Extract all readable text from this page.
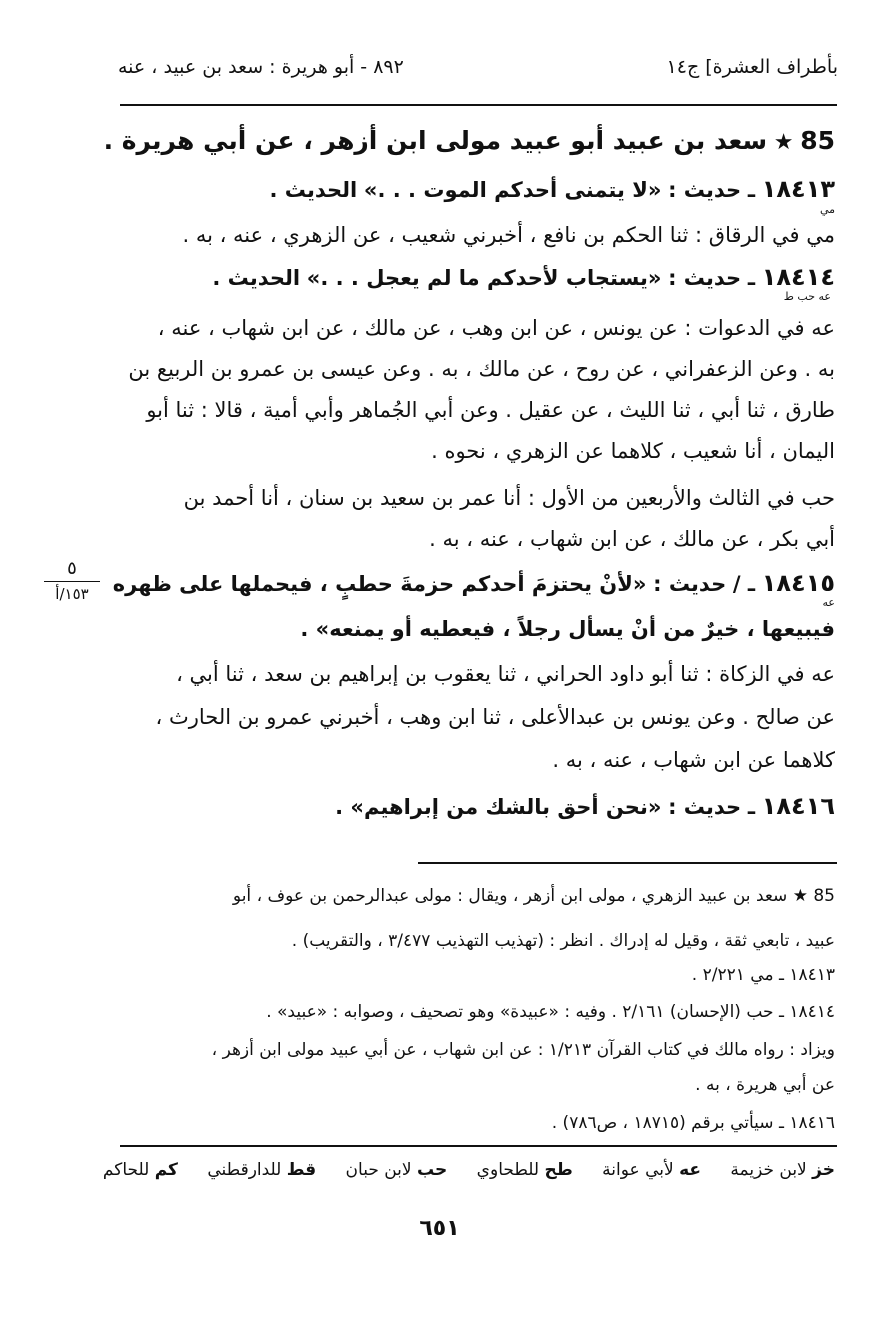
بأطراف العشرة] ج١٤
٨٩٢ - أبو هريرة : سعد بن عبيد ، عنه
85 ★ سعد بن عبيد أبو عبيد مولى ابن أزهر ، عن أبي هريرة .
١٨٤١٣ ـ حديث : «لا يتمنى أحدكم الموت . . .» الحديث .
مي
مي في الرقاق : ثنا الحكم بن نافع ، أخبرني شعيب ، عن الزهري ، عنه ، به .
١٨٤١٤ ـ حديث : «يستجاب لأحدكم ما لم يعجل . . .» الحديث .
عه حب ط
عه في الدعوات : عن يونس ، عن ابن وهب ، عن مالك ، عن ابن شهاب ، عنه ،
به . وعن الزعفراني ، عن روح ، عن مالك ، به . وعن عيسى بن عمرو بن الربيع بن
طارق ، ثنا أبي ، ثنا الليث ، عن عقيل . وعن أبي الجُماهر وأبي أمية ، قالا : ثنا أبو
اليمان ، أنا شعيب ، كلاهما عن الزهري ، نحوه .
حب في الثالث والأربعين من الأول : أنا عمر بن سعيد بن سنان ، أنا أحمد بن
أبي بكر ، عن مالك ، عن ابن شهاب ، عنه ، به .
١٨٤١٥ ـ / حديث : «لأنْ يحتزمَ أحدكم حزمةَ حطبٍ ، فيحملها على ظهره
عه
فيبيعها ، خيرٌ من أنْ يسأل رجلاً ، فيعطيه أو يمنعه» .
عه في الزكاة : ثنا أبو داود الحراني ، ثنا يعقوب بن إبراهيم بن سعد ، ثنا أبي ،
عن صالح . وعن يونس بن عبدالأعلى ، ثنا ابن وهب ، أخبرني عمرو بن الحارث ،
كلاهما عن ابن شهاب ، عنه ، به .
١٨٤١٦ ـ حديث : «نحن أحق بالشك من إبراهيم» .
٥
١٥٣/أ
85 ★ سعد بن عبيد الزهري ، مولى ابن أزهر ، ويقال : مولى عبدالرحمن بن عوف ، أبو
عبيد ، تابعي ثقة ، وقيل له إدراك . انظر : (تهذيب التهذيب ٣/٤٧٧ ، والتقريب) .
١٨٤١٣ ـ مي ٢/٢٢١ .
١٨٤١٤ ـ حب (الإحسان) ٢/١٦١ . وفيه : «عبيدة» وهو تصحيف ، وصوابه : «عبيد» .
ويزاد : رواه مالك في كتاب القرآن ١/٢١٣ : عن ابن شهاب ، عن أبي عبيد مولى ابن أزهر ،
عن أبي هريرة ، به .
١٨٤١٦ ـ سيأتي برقم (١٨٧١٥ ، ص٧٨٦) .
خز لابن خزيمة عه لأبي عوانة طح للطحاوي حب لابن حبان قط للدارقطني كم للحاكم
٦٥١
